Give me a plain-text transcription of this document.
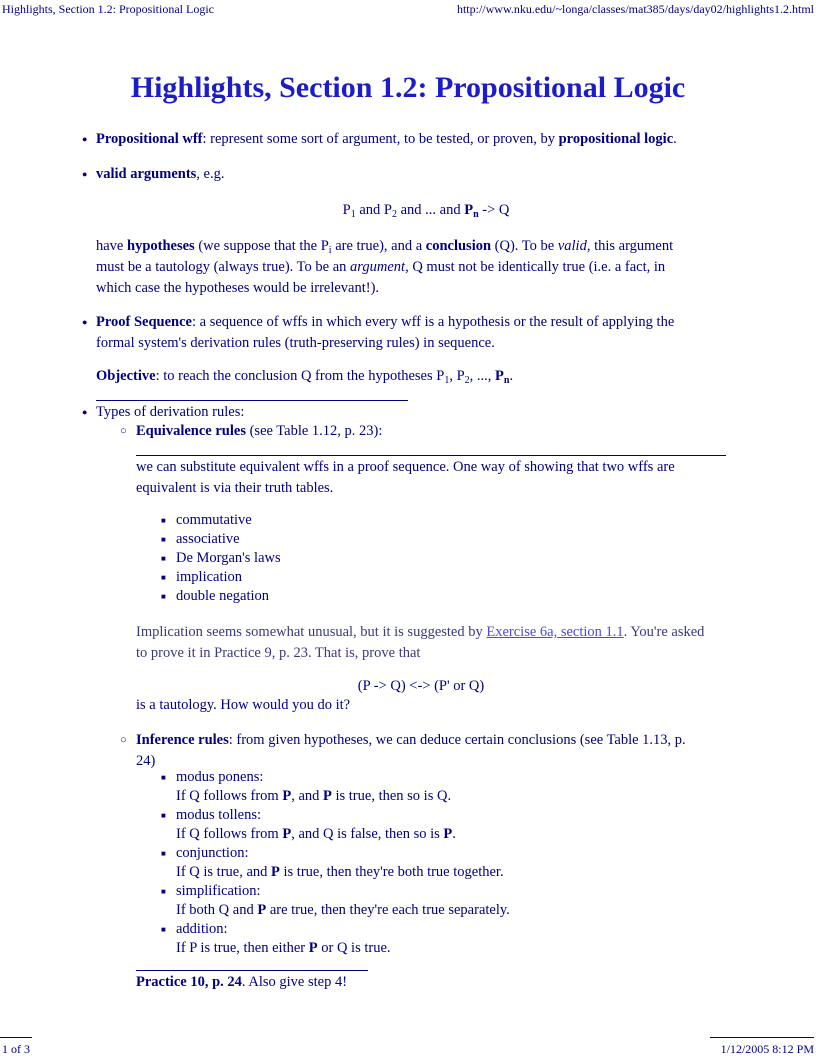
Highlights, Section 1.2: Propositional Logic	http://www.nku.edu/~longa/classes/mat385/days/day02/highlights1.2.html
Highlights, Section 1.2: Propositional Logic
●
Propositional wff: represent some sort of argument, to be tested, or proven, by propositional logic.
●
valid arguments, e.g.
$P_1$ and $P_2$ and ... and $P_n -> Q$
have hypotheses (we suppose that the $P_i$ are true), and a conclusion (Q). To be valid, this argument
must be a tautology (always true). To be an argument, Q must not be identically true (i.e. a fact, in
which case the hypotheses would be irrelevant!).
●
Proof Sequence: a sequence of wffs in which every wff is a hypothesis or the result of applying the
formal system's derivation rules (truth-preserving rules) in sequence.
Objective: to reach the conclusion Q from the hypotheses $P_1$, $P_2$, ..., $P_n$.
●
Types of derivation rules:
○
Equivalence rules (see Table 1.12, p. 23):
we can substitute equivalent wffs in a proof sequence. One way of showing that two wffs are
equivalent is via their truth tables.
■
commutative
■
associative
■
De Morgan's laws
■
implication
■
double negation
Implication seems somewhat unusual, but it is suggested by Exercise 6a, section 1.1. You're asked
to prove it in Practice 9, p. 23. That is, prove that
(P -> Q) <-> (P' or Q)
is a tautology. How would you do it?
○
Inference rules: from given hypotheses, we can deduce certain conclusions (see Table 1.13, p.
24)
■
modus ponens:
If Q follows from P, and P is true, then so is Q.
■
modus tollens:
If Q follows from P, and Q is false, then so is P.
■
conjunction:
If Q is true, and P is true, then they're both true together.
■
simplification:
If both Q and P are true, then they're each true separately.
■
addition:
If P is true, then either P or Q is true.
Practice 10, p. 24. Also give step 4!
1 of 3	1/12/2005 8:12 PM
